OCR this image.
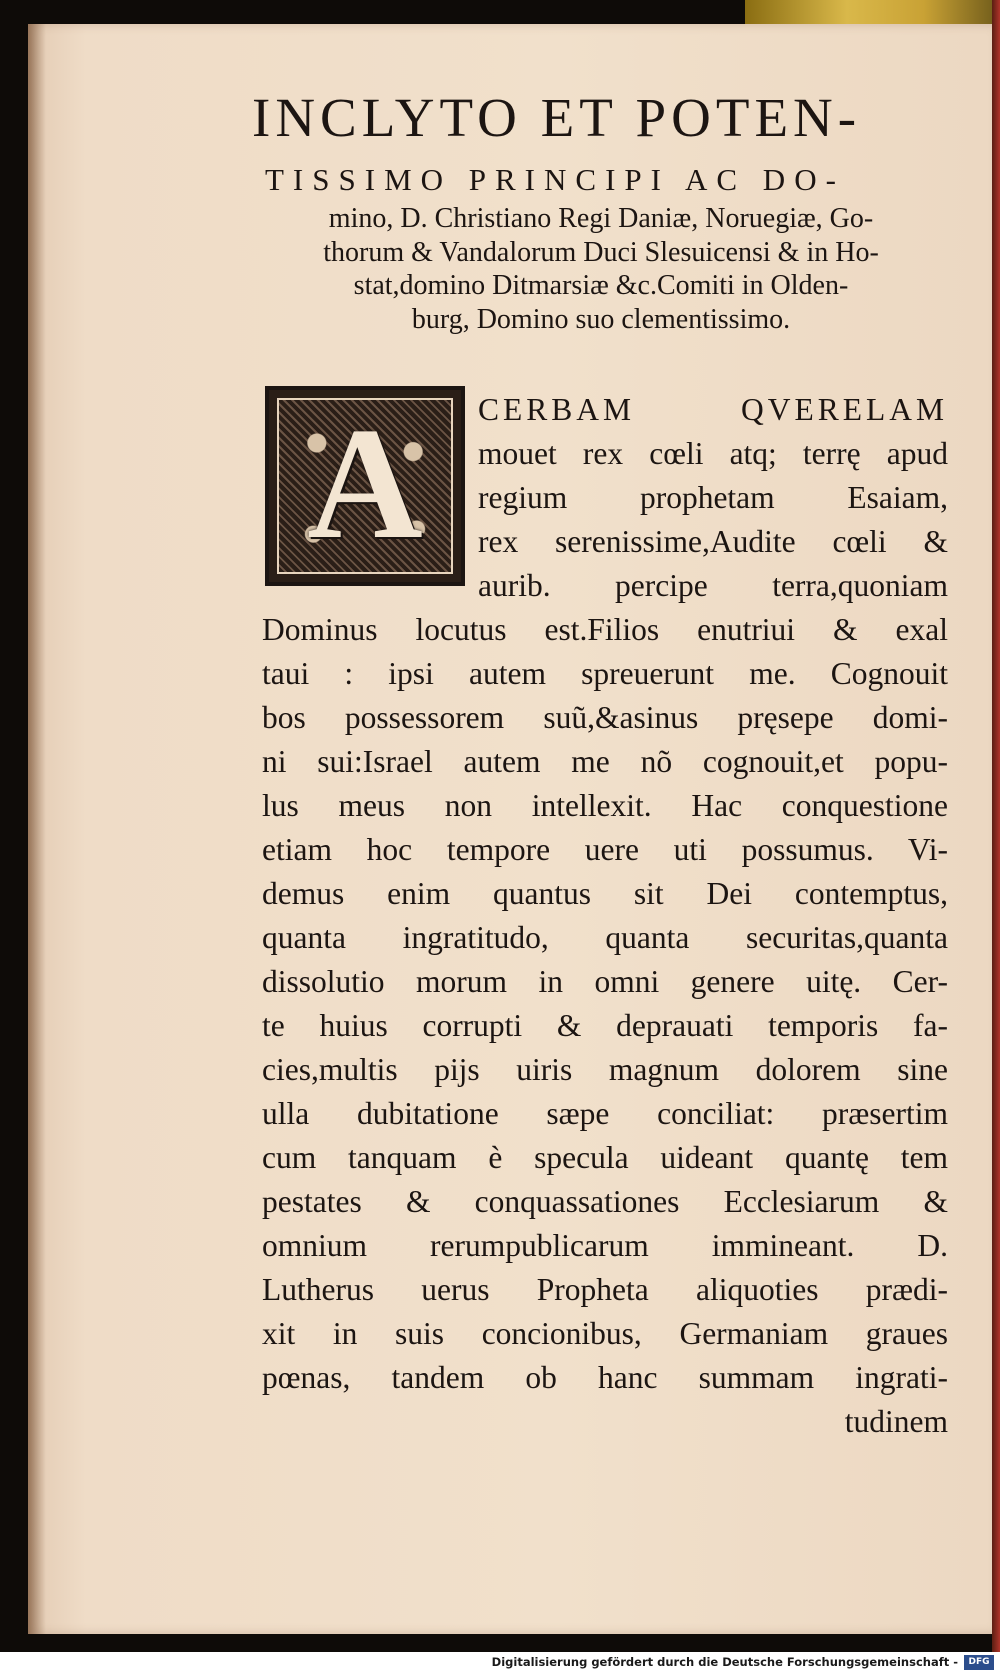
INCLYTO ET POTEN-
TISSIMO PRINCIPI AC DO-
mino, D. Christiano Regi Daniæ, Noruegiæ, Go-
thorum & Vandalorum Duci Slesuicensi & in Ho-
stat,domino Ditmarsiæ &c.Comiti in Olden-
burg, Domino suo clementissimo.
A	CERBAM QVERELAM
mouet rex cœli atq; terrę apud
regium prophetam Esaiam,
rex serenissime,Audite cœli &
aurib. percipe terra,quoniam
Dominus locutus est.Filios enutriui & exal
taui : ipsi autem spreuerunt me. Cognouit
bos possessorem suũ,&asinus pręsepe domi-
ni sui:Israel autem me nõ cognouit,et popu-
lus meus non intellexit. Hac conquestione
etiam hoc tempore uere uti possumus. Vi-
demus enim quantus sit Dei contemptus,
quanta ingratitudo, quanta securitas,quanta
dissolutio morum in omni genere uitę. Cer-
te huius corrupti & deprauati temporis fa-
cies,multis pĳs uiris magnum dolorem sine
ulla dubitatione sæpe conciliat: præsertim
cum tanquam è specula uideant quantę tem
pestates & conquassationes Ecclesiarum &
omnium rerumpublicarum immineant. D.
Lutherus uerus Propheta aliquoties prædi-
xit in suis concionibus, Germaniam graues
pœnas, tandem ob hanc summam ingrati-
tudinem
Digitalisierung gefördert durch die Deutsche Forschungsgemeinschaft -	DFG
